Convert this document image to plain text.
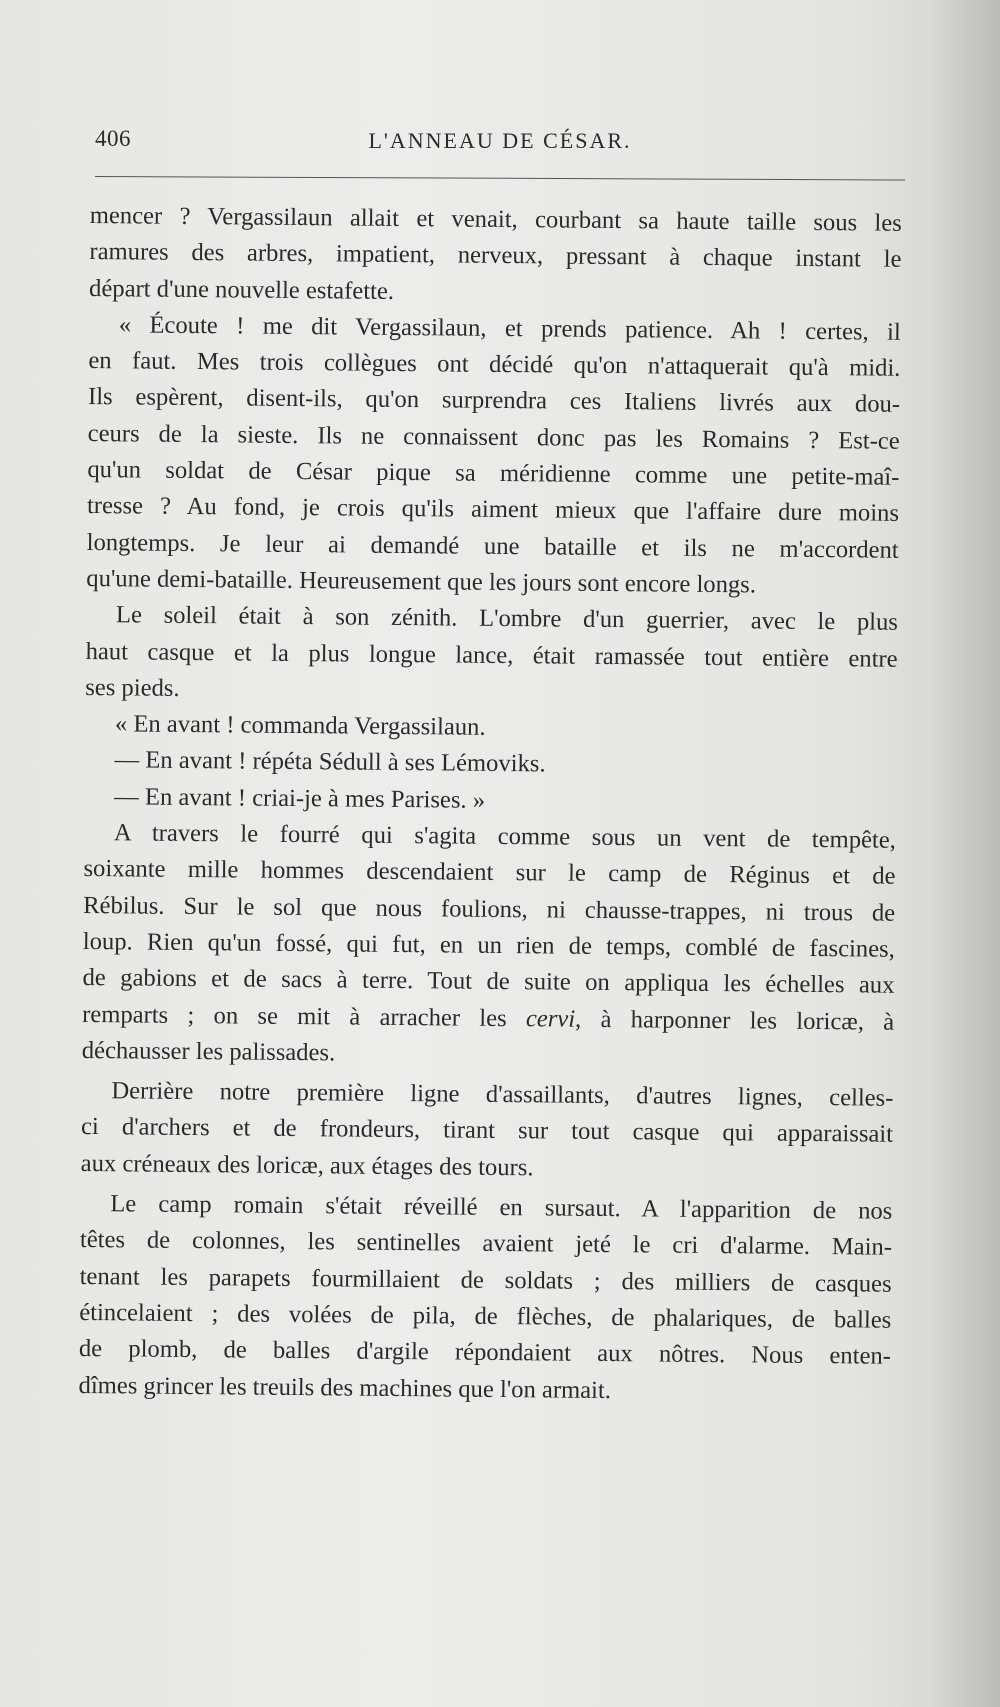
406	L'ANNEAU DE CÉSAR.
mencer ? Vergassilaun allait et venait, courbant sa haute taille sous les
ramures des arbres, impatient, nerveux, pressant à chaque instant le
départ d'une nouvelle estafette.
« Écoute ! me dit Vergassilaun, et prends patience. Ah ! certes, il
en faut. Mes trois collègues ont décidé qu'on n'attaquerait qu'à midi.
Ils espèrent, disent-ils, qu'on surprendra ces Italiens livrés aux dou-
ceurs de la sieste. Ils ne connaissent donc pas les Romains ? Est-ce
qu'un soldat de César pique sa méridienne comme une petite-maî-
tresse ? Au fond, je crois qu'ils aiment mieux que l'affaire dure moins
longtemps. Je leur ai demandé une bataille et ils ne m'accordent
qu'une demi-bataille. Heureusement que les jours sont encore longs.
Le soleil était à son zénith. L'ombre d'un guerrier, avec le plus
haut casque et la plus longue lance, était ramassée tout entière entre
ses pieds.
« En avant ! commanda Vergassilaun.
— En avant ! répéta Sédull à ses Lémoviks.
— En avant ! criai-je à mes Parises. »
A travers le fourré qui s'agita comme sous un vent de tempête,
soixante mille hommes descendaient sur le camp de Réginus et de
Rébilus. Sur le sol que nous foulions, ni chausse-trappes, ni trous de
loup. Rien qu'un fossé, qui fut, en un rien de temps, comblé de fascines,
de gabions et de sacs à terre. Tout de suite on appliqua les échelles aux
remparts ; on se mit à arracher les cervi, à harponner les loricæ, à
déchausser les palissades.
Derrière notre première ligne d'assaillants, d'autres lignes, celles-
ci d'archers et de frondeurs, tirant sur tout casque qui apparaissait
aux créneaux des loricæ, aux étages des tours.
Le camp romain s'était réveillé en sursaut. A l'apparition de nos
têtes de colonnes, les sentinelles avaient jeté le cri d'alarme. Main-
tenant les parapets fourmillaient de soldats ; des milliers de casques
étincelaient ; des volées de pila, de flèches, de phalariques, de balles
de plomb, de balles d'argile répondaient aux nôtres. Nous enten-
dîmes grincer les treuils des machines que l'on armait.
